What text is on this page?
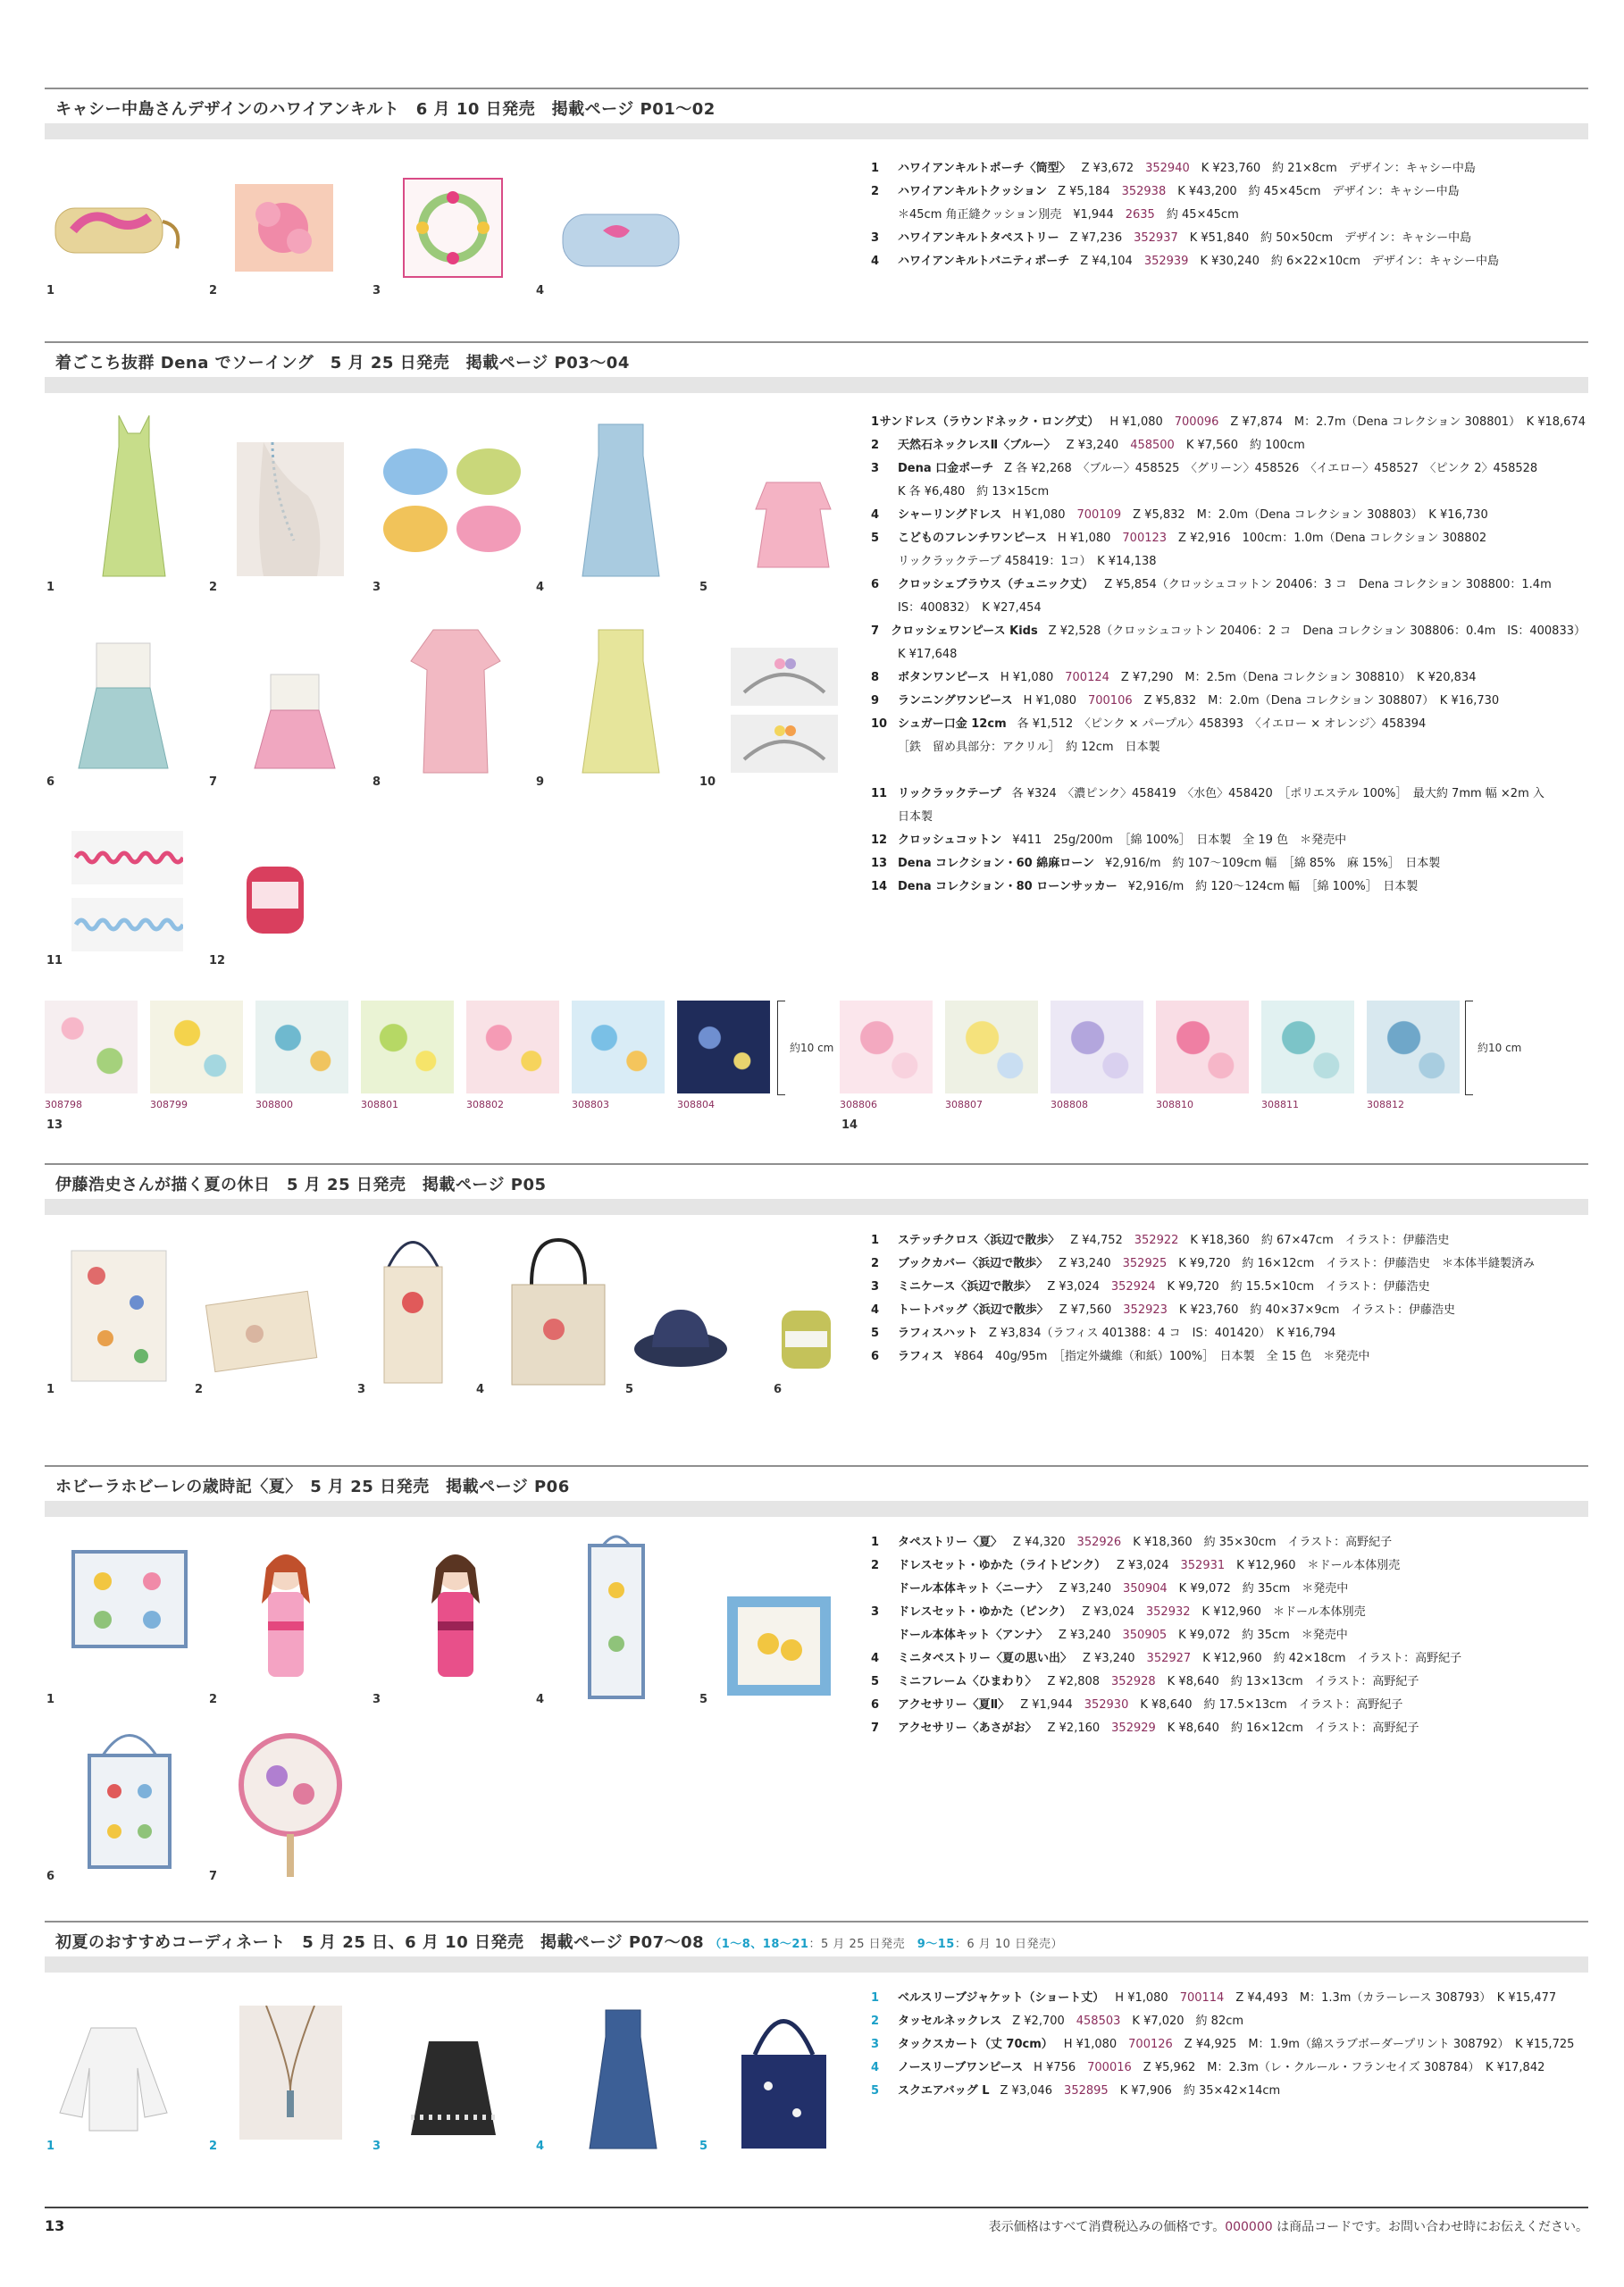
キャシー中島さんデザインのハワイアンキルト　6 月 10 日発売　掲載ページ P01〜02
1	2	3	4
1	ハワイアンキルトポーチ〈筒型〉 Z ¥3,672　 352940 　K ¥23,760　約 21×8cm　デザイン：キャシー中島
2	ハワイアンキルトクッション Z ¥5,184　 352938 　K ¥43,200　約 45×45cm　デザイン：キャシー中島
＊45cm 角正縫クッション別売　¥1,944　 2635 　約 45×45cm
3	ハワイアンキルトタペストリー Z ¥7,236　 352937 　K ¥51,840　約 50×50cm　デザイン：キャシー中島
4	ハワイアンキルトバニティポーチ Z ¥4,104　 352939 　K ¥30,240　約 6×22×10cm　デザイン：キャシー中島
着ごこち抜群 Dena でソーイング　5 月 25 日発売　掲載ページ P03〜04
1	2	3	4	5
6	7	8	9	10
11	12
1 サンドレス（ラウンドネック・ロング丈） H ¥1,080　 700096 　Z ¥7,874　M：2.7m（Dena コレクション 308801）　K ¥18,674
2	天然石ネックレスⅡ〈ブルー〉 Z ¥3,240　 458500 　K ¥7,560　約 100cm
3	Dena 口金ポーチ Z 各 ¥2,268　〈ブルー〉458525　〈グリーン〉458526　〈イエロー〉458527　〈ピンク 2〉458528
K 各 ¥6,480　約 13×15cm
4	シャーリングドレス H ¥1,080　 700109 　Z ¥5,832　M：2.0m（Dena コレクション 308803）　K ¥16,730
5	こどものフレンチワンピース H ¥1,080　 700123 　Z ¥2,916　100cm：1.0m（Dena コレクション 308802
リックラックテープ 458419：1コ）　K ¥14,138
6	クロッシェブラウス（チュニック丈） Z ¥5,854（クロッシュコットン 20406：3 コ　Dena コレクション 308800：1.4m
IS：400832）　K ¥27,454
7	クロッシェワンピース Kids Z ¥2,528（クロッシュコットン 20406：2 コ　Dena コレクション 308806：0.4m　IS：400833）
K ¥17,648
8	ボタンワンピース H ¥1,080　 700124 　Z ¥7,290　M：2.5m（Dena コレクション 308810）　K ¥20,834
9	ランニングワンピース H ¥1,080　 700106 　Z ¥5,832　M：2.0m（Dena コレクション 308807）　K ¥16,730
10 シュガー口金 12cm 各 ¥1,512　〈ピンク × パープル〉458393　〈イエロー × オレンジ〉458394
［鉄　留め具部分：アクリル］　約 12cm　日本製
11 リックラックテープ 各 ¥324　〈濃ピンク〉458419　〈水色〉458420　［ポリエステル 100%］　最大約 7mm 幅 ×2m 入
日本製
12 クロッシュコットン ¥411　25g/200m　［綿 100%］　日本製　全 19 色　＊発売中
13 Dena コレクション・60 綿麻ローン ¥2,916/m　約 107〜109cm 幅　［綿 85%　麻 15%］　日本製
14 Dena コレクション・80 ローンサッカー ¥2,916/m　約 120〜124cm 幅　［綿 100%］　日本製
約10 cm
308798	308799	308800	308801	308802	308803	308804
13
約10 cm
308806	308807	308808	308810	308811	308812
14
伊藤浩史さんが描く夏の休日　5 月 25 日発売　掲載ページ P05
1	2	3	4	5	6
1	ステッチクロス〈浜辺で散歩〉 Z ¥4,752　 352922 　K ¥18,360　約 67×47cm　イラスト：伊藤浩史
2	ブックカバー〈浜辺で散歩〉 Z ¥3,240　 352925 　K ¥9,720　約 16×12cm　イラスト：伊藤浩史　＊本体半縫製済み
3	ミニケース〈浜辺で散歩〉 Z ¥3,024　 352924 　K ¥9,720　約 15.5×10cm　イラスト：伊藤浩史
4	トートバッグ〈浜辺で散歩〉 Z ¥7,560　 352923 　K ¥23,760　約 40×37×9cm　イラスト：伊藤浩史
5	ラフィスハット Z ¥3,834（ラフィス 401388：4 コ　IS：401420）　K ¥16,794
6	ラフィス ¥864　40g/95m　［指定外繊維（和紙）100%］　日本製　全 15 色　＊発売中
ホビーラホビーレの歳時記〈夏〉　5 月 25 日発売　掲載ページ P06
1	2	3	4	5
6	7
1	タペストリー〈夏〉 Z ¥4,320　 352926 　K ¥18,360　約 35×30cm　イラスト：高野紀子
2	ドレスセット・ゆかた（ライトピンク） Z ¥3,024　 352931 　K ¥12,960　＊ドール本体別売
ドール本体キット〈ニーナ〉 Z ¥3,240　 350904 　K ¥9,072　約 35cm　＊発売中
3	ドレスセット・ゆかた（ピンク） Z ¥3,024　 352932 　K ¥12,960　＊ドール本体別売
ドール本体キット〈アンナ〉 Z ¥3,240　 350905 　K ¥9,072　約 35cm　＊発売中
4	ミニタペストリー〈夏の思い出〉 Z ¥3,240　 352927 　K ¥12,960　約 42×18cm　イラスト：高野紀子
5	ミニフレーム〈ひまわり〉 Z ¥2,808　 352928 　K ¥8,640　約 13×13cm　イラスト：高野紀子
6	アクセサリー〈夏Ⅱ〉 Z ¥1,944　 352930 　K ¥8,640　約 17.5×13cm　イラスト：高野紀子
7	アクセサリー〈あさがお〉 Z ¥2,160　 352929 　K ¥8,640　約 16×12cm　イラスト：高野紀子
初夏のおすすめコーディネート　5 月 25 日、6 月 10 日発売　掲載ページ P07〜08 （1〜8、18〜21：5 月 25 日発売　9〜15：6 月 10 日発売）
1	2	3	4	5
1	ベルスリーブジャケット（ショート丈） H ¥1,080　 700114 　Z ¥4,493　M：1.3m（カラーレース 308793）　K ¥15,477
2	タッセルネックレス Z ¥2,700　 458503 　K ¥7,020　約 82cm
3	タックスカート（丈 70cm） H ¥1,080　 700126 　Z ¥4,925　M：1.9m（綿スラブボーダープリント 308792）　K ¥15,725
4	ノースリーブワンピース H ¥756　 700016 　Z ¥5,962　M：2.3m（レ・クルール・フランセイズ 308784）　K ¥17,842
5	スクエアバッグ L Z ¥3,046　 352895 　K ¥7,906　約 35×42×14cm
13	表示価格はすべて消費税込みの価格です。000000 は商品コードです。お問い合わせ時にお伝えください。
